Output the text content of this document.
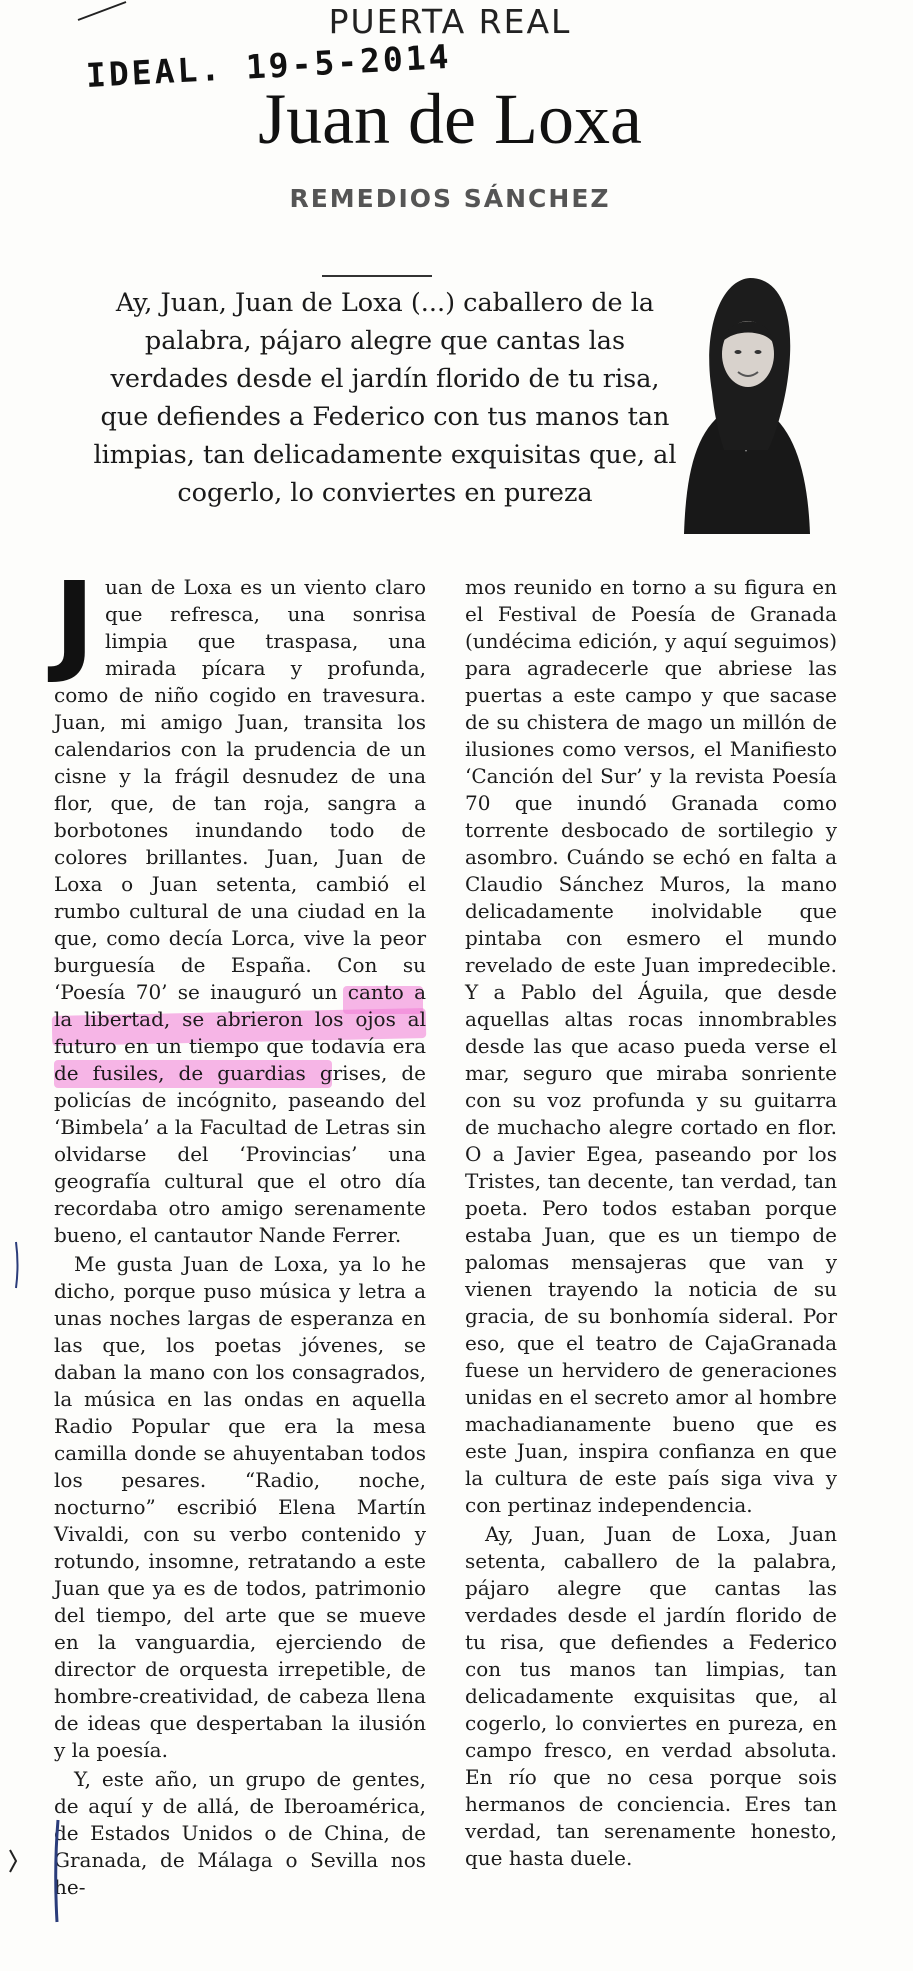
PUERTA REAL
IDEAL. 19-5-2014
Juan de Loxa
REMEDIOS SÁNCHEZ
Ay, Juan, Juan de Loxa (...) caballero de la palabra, pájaro alegre que cantas las verdades desde el jardín florido de tu risa, que defiendes a Federico con tus manos tan limpias, tan delicadamente exquisitas que, al cogerlo, lo conviertes en pureza

Juan de Loxa es un viento claro que refresca, una sonrisa limpia que traspasa, una mirada pícara y profunda, como de niño cogido en travesura. Juan, mi amigo Juan, transita los calendarios con la prudencia de un cisne y la frágil desnudez de una flor, que, de tan roja, sangra a borbotones inundando todo de colores brillantes. Juan, Juan de Loxa o Juan setenta, cambió el rumbo cultural de una ciudad en la que, como decía Lorca, vive la peor burguesía de España. Con su ‘Poesía 70’ se inauguró un canto a la libertad, se abrieron los ojos al futuro en un tiempo que todavía era de fusiles, de guardias grises, de policías de incógnito, paseando del ‘Bimbela’ a la Facultad de Letras sin olvidarse del ‘Provincias’ una geografía cultural que el otro día recordaba otro amigo serenamente bueno, el cantautor Nande Ferrer.

Me gusta Juan de Loxa, ya lo he dicho, porque puso música y letra a unas noches largas de esperanza en las que, los poetas jóvenes, se daban la mano con los consagrados, la música en las ondas en aquella Radio Popular que era la mesa camilla donde se ahuyentaban todos los pesares. “Radio, noche, nocturno” escribió Elena Martín Vivaldi, con su verbo contenido y rotundo, insomne, retratando a este Juan que ya es de todos, patrimonio del tiempo, del arte que se mueve en la vanguardia, ejerciendo de director de orquesta irrepetible, de hombre-creatividad, de cabeza llena de ideas que despertaban la ilusión y la poesía.

Y, este año, un grupo de gentes, de aquí y de allá, de Iberoamérica, de Estados Unidos o de China, de Granada, de Málaga o Sevilla nos he-

mos reunido en torno a su figura en el Festival de Poesía de Granada (undécima edición, y aquí seguimos) para agradecerle que abriese las puertas a este campo y que sacase de su chistera de mago un millón de ilusiones como versos, el Manifiesto ‘Canción del Sur’ y la revista Poesía 70 que inundó Granada como torrente desbocado de sortilegio y asombro. Cuándo se echó en falta a Claudio Sánchez Muros, la mano delicadamente inolvidable que pintaba con esmero el mundo revelado de este Juan impredecible. Y a Pablo del Águila, que desde aquellas altas rocas innombrables desde las que acaso pueda verse el mar, seguro que miraba sonriente con su voz profunda y su guitarra de muchacho alegre cortado en flor. O a Javier Egea, paseando por los Tristes, tan decente, tan verdad, tan poeta. Pero todos estaban porque estaba Juan, que es un tiempo de palomas mensajeras que van y vienen trayendo la noticia de su gracia, de su bonhomía sideral. Por eso, que el teatro de CajaGranada fuese un hervidero de generaciones unidas en el secreto amor al hombre machadianamente bueno que es este Juan, inspira confianza en que la cultura de este país siga viva y con pertinaz independencia.

Ay, Juan, Juan de Loxa, Juan setenta, caballero de la palabra, pájaro alegre que cantas las verdades desde el jardín florido de tu risa, que defiendes a Federico con tus manos tan limpias, tan delicadamente exquisitas que, al cogerlo, lo conviertes en pureza, en campo fresco, en verdad absoluta. En río que no cesa porque sois hermanos de conciencia. Eres tan verdad, tan serenamente honesto, que hasta duele.
